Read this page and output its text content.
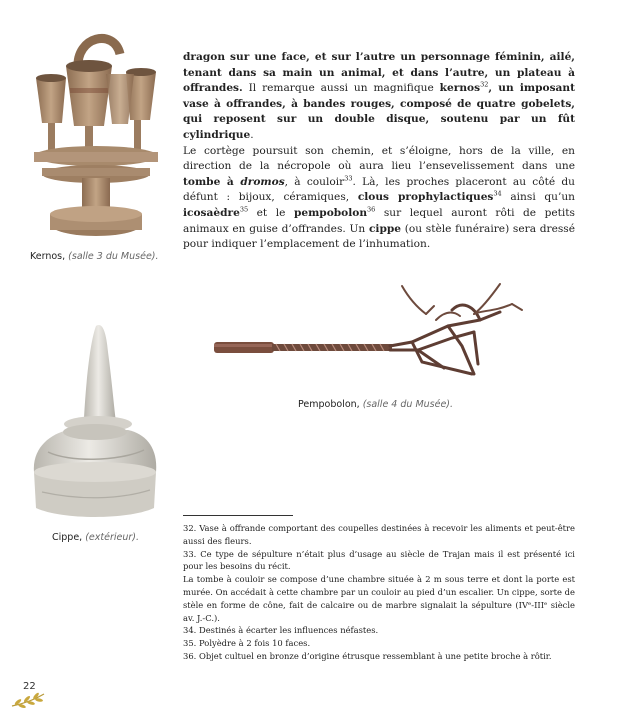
Kernos, (salle 3 du Musée).
dragon sur une face, et sur l’autre un personnage féminin, ailé, tenant dans sa main un animal, et dans l’autre, un plateau à offrandes. Il remarque aussi un magnifique kernos$^{32}$, un imposant vase à offrandes, à bandes rouges, composé de quatre gobelets, qui reposent sur un double disque, soutenu par un fût cylindrique.
Le cortège poursuit son chemin, et s’éloigne, hors de la ville, en direction de la nécropole où aura lieu l’ensevelissement dans une tombe à dromos, à couloir$^{33}$. Là, les proches placeront au côté du défunt : bijoux, céramiques, clous prophylactiques$^{34}$ ainsi qu’un icosaèdre$^{35}$ et le pempobolon$^{36}$ sur lequel auront rôti de petits animaux en guise d’offrandes. Un cippe (ou stèle funéraire) sera dressé pour indiquer l’emplacement de l’inhumation.
Pempobolon, (salle 4 du Musée).
Cippe, (extérieur).

32. Vase à offrande comportant des coupelles destinées à recevoir les aliments et peut-être aussi des fleurs.

33. Ce type de sépulture n’était plus d’usage au siècle de Trajan mais il est présenté ici pour les besoins du récit.

La tombe à couloir se compose d’une chambre située à 2 m sous terre et dont la porte est murée. On accédait à cette chambre par un couloir au pied d’un escalier. Un cippe, sorte de stèle en forme de cône, fait de calcaire ou de marbre signalait la sépulture (IVᵉ-IIIᵉ siècle av. J.-C.).

34. Destinés à écarter les influences néfastes.

35. Polyèdre à 2 fois 10 faces.

36. Objet cultuel en bronze d’origine étrusque ressemblant à une petite broche à rôtir.

22
